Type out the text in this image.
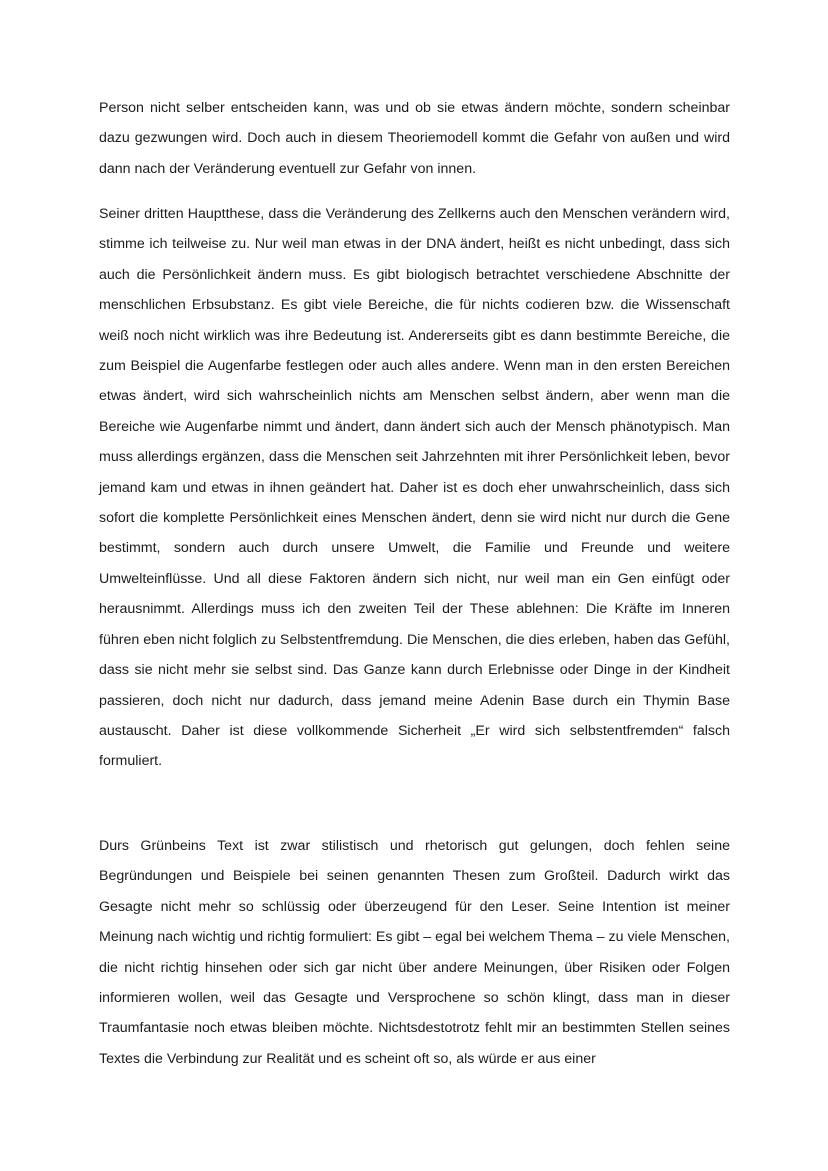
Person nicht selber entscheiden kann, was und ob sie etwas ändern möchte, sondern scheinbar dazu gezwungen wird. Doch auch in diesem Theoriemodell kommt die Gefahr von außen und wird dann nach der Veränderung eventuell zur Gefahr von innen.

Seiner dritten Hauptthese, dass die Veränderung des Zellkerns auch den Menschen verändern wird, stimme ich teilweise zu. Nur weil man etwas in der DNA ändert, heißt es nicht unbedingt, dass sich auch die Persönlichkeit ändern muss. Es gibt biologisch betrachtet verschiedene Abschnitte der menschlichen Erbsubstanz. Es gibt viele Bereiche, die für nichts codieren bzw. die Wissenschaft weiß noch nicht wirklich was ihre Bedeutung ist. Andererseits gibt es dann bestimmte Bereiche, die zum Beispiel die Augenfarbe festlegen oder auch alles andere. Wenn man in den ersten Bereichen etwas ändert, wird sich wahrscheinlich nichts am Menschen selbst ändern, aber wenn man die Bereiche wie Augenfarbe nimmt und ändert, dann ändert sich auch der Mensch phänotypisch. Man muss allerdings ergänzen, dass die Menschen seit Jahrzehnten mit ihrer Persönlichkeit leben, bevor jemand kam und etwas in ihnen geändert hat. Daher ist es doch eher unwahrscheinlich, dass sich sofort die komplette Persönlichkeit eines Menschen ändert, denn sie wird nicht nur durch die Gene bestimmt, sondern auch durch unsere Umwelt, die Familie und Freunde und weitere Umwelteinflüsse. Und all diese Faktoren ändern sich nicht, nur weil man ein Gen einfügt oder herausnimmt. Allerdings muss ich den zweiten Teil der These ablehnen: Die Kräfte im Inneren führen eben nicht folglich zu Selbstentfremdung. Die Menschen, die dies erleben, haben das Gefühl, dass sie nicht mehr sie selbst sind. Das Ganze kann durch Erlebnisse oder Dinge in der Kindheit passieren, doch nicht nur dadurch, dass jemand meine Adenin Base durch ein Thymin Base austauscht. Daher ist diese vollkommende Sicherheit „Er wird sich selbstentfremden“ falsch formuliert.

Durs Grünbeins Text ist zwar stilistisch und rhetorisch gut gelungen, doch fehlen seine Begründungen und Beispiele bei seinen genannten Thesen zum Großteil. Dadurch wirkt das Gesagte nicht mehr so schlüssig oder überzeugend für den Leser. Seine Intention ist meiner Meinung nach wichtig und richtig formuliert: Es gibt – egal bei welchem Thema – zu viele Menschen, die nicht richtig hinsehen oder sich gar nicht über andere Meinungen, über Risiken oder Folgen informieren wollen, weil das Gesagte und Versprochene so schön klingt, dass man in dieser Traumfantasie noch etwas bleiben möchte. Nichtsdestotrotz fehlt mir an bestimmten Stellen seines Textes die Verbindung zur Realität und es scheint oft so, als würde er aus einer
